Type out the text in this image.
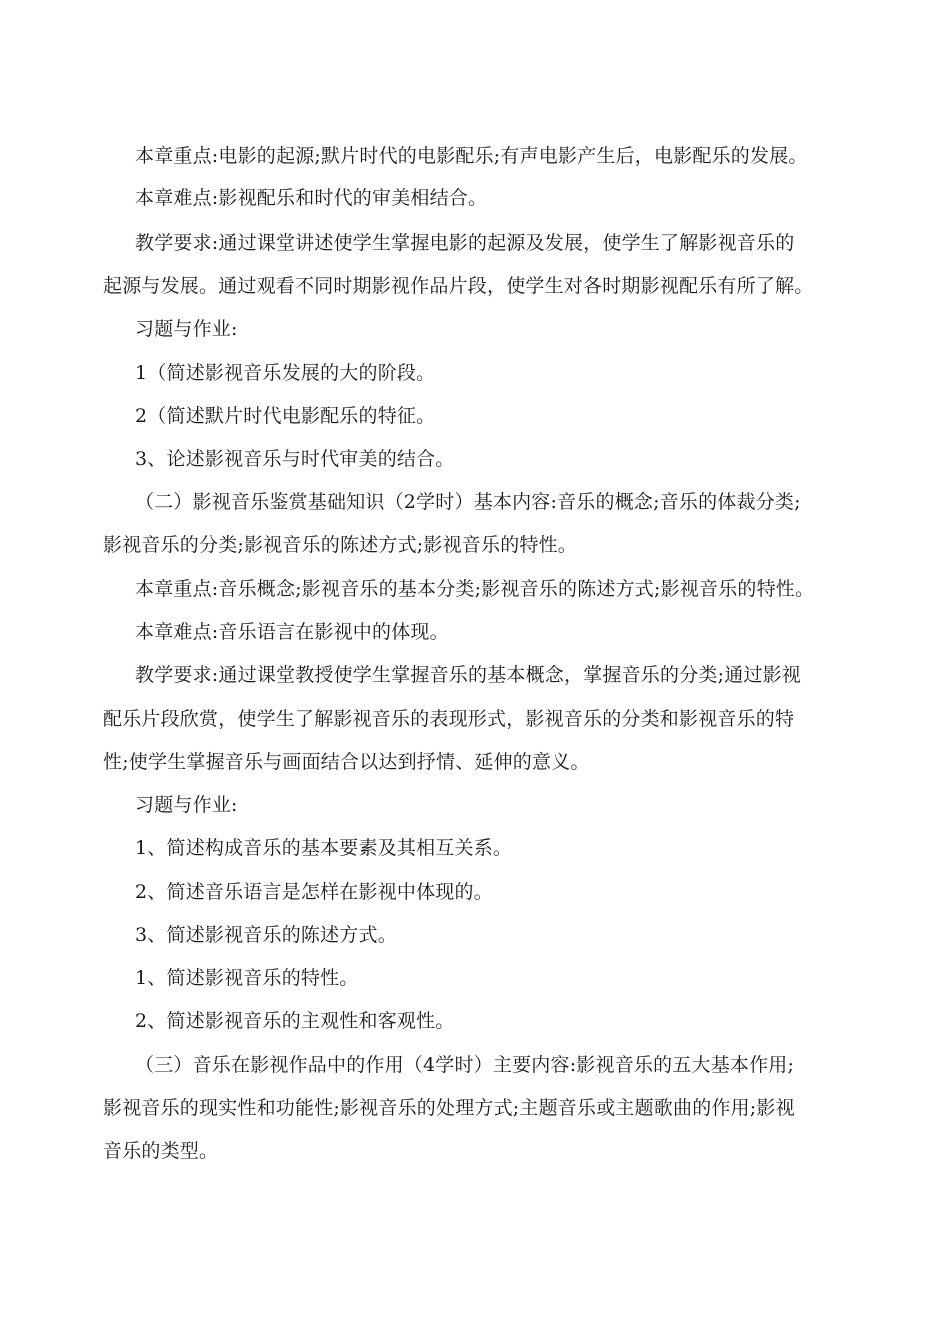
本章重点:电影的起源;默片时代的电影配乐;有声电影产生后，电影配乐的发展。
本章难点:影视配乐和时代的审美相结合。
教学要求:通过课堂讲述使学生掌握电影的起源及发展，使学生了解影视音乐的
起源与发展。通过观看不同时期影视作品片段，使学生对各时期影视配乐有所了解。
习题与作业:
1（简述影视音乐发展的大的阶段。
2（简述默片时代电影配乐的特征。
3、论述影视音乐与时代审美的结合。
（二）影视音乐鉴赏基础知识（2学时）基本内容:音乐的概念;音乐的体裁分类;
影视音乐的分类;影视音乐的陈述方式;影视音乐的特性。
本章重点:音乐概念;影视音乐的基本分类;影视音乐的陈述方式;影视音乐的特性。
本章难点:音乐语言在影视中的体现。
教学要求:通过课堂教授使学生掌握音乐的基本概念，掌握音乐的分类;通过影视
配乐片段欣赏，使学生了解影视音乐的表现形式，影视音乐的分类和影视音乐的特
性;使学生掌握音乐与画面结合以达到抒情、延伸的意义。
习题与作业:
1、简述构成音乐的基本要素及其相互关系。
2、简述音乐语言是怎样在影视中体现的。
3、简述影视音乐的陈述方式。
1、简述影视音乐的特性。
2、简述影视音乐的主观性和客观性。
（三）音乐在影视作品中的作用（4学时）主要内容:影视音乐的五大基本作用;
影视音乐的现实性和功能性;影视音乐的处理方式;主题音乐或主题歌曲的作用;影视
音乐的类型。
